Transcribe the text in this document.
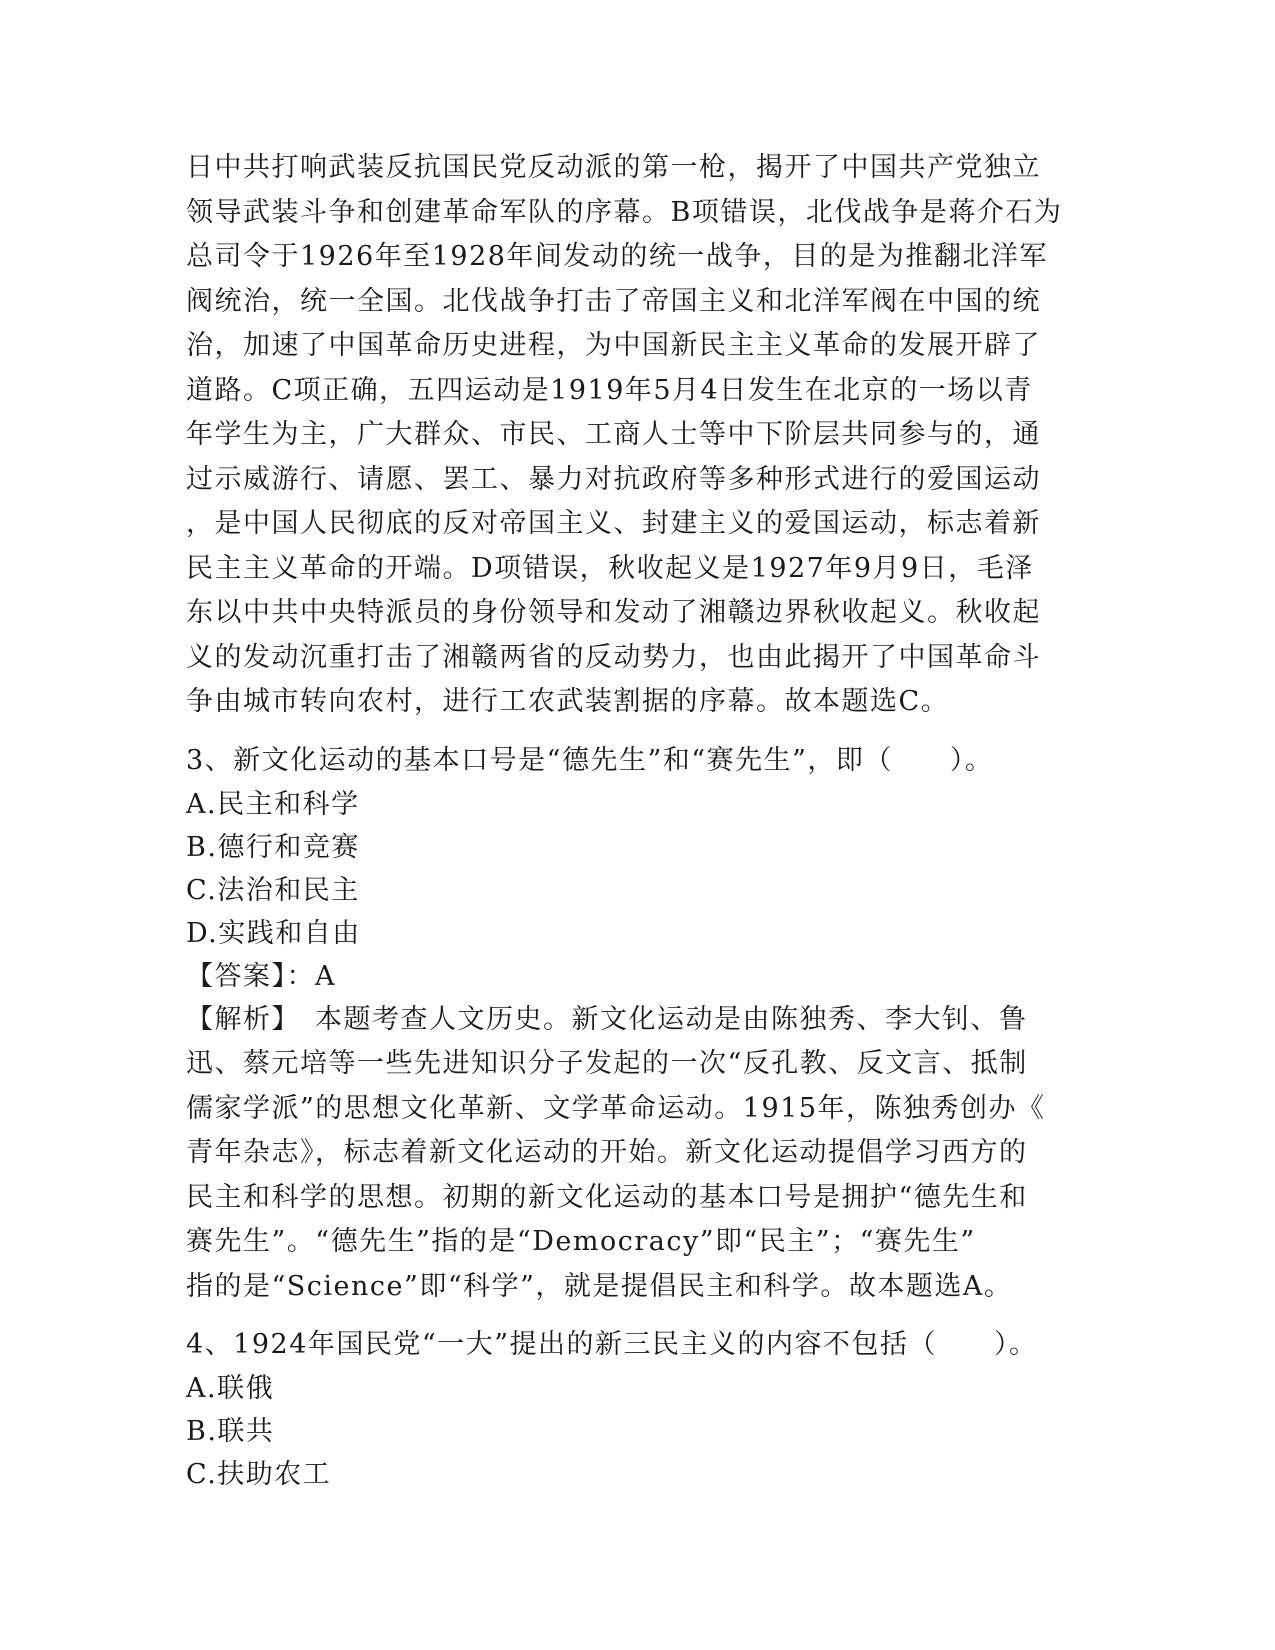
日中共打响武装反抗国民党反动派的第一枪，揭开了中国共产党独立
领导武装斗争和创建革命军队的序幕。B项错误，北伐战争是蒋介石为
总司令于1926年至1928年间发动的统一战争，目的是为推翻北洋军
阀统治，统一全国。北伐战争打击了帝国主义和北洋军阀在中国的统
治，加速了中国革命历史进程，为中国新民主主义革命的发展开辟了
道路。C项正确，五四运动是1919年5月4日发生在北京的一场以青
年学生为主，广大群众、市民、工商人士等中下阶层共同参与的，通
过示威游行、请愿、罢工、暴力对抗政府等多种形式进行的爱国运动
，是中国人民彻底的反对帝国主义、封建主义的爱国运动，标志着新
民主主义革命的开端。D项错误，秋收起义是1927年9月9日，毛泽
东以中共中央特派员的身份领导和发动了湘赣边界秋收起义。秋收起
义的发动沉重打击了湘赣两省的反动势力，也由此揭开了中国革命斗
争由城市转向农村，进行工农武装割据的序幕。故本题选C。

3、新文化运动的基本口号是“德先生”和“赛先生”，即（　　）。

A.民主和科学

B.德行和竞赛

C.法治和民主

D.实践和自由

【答案】：A

【解析】　本题考查人文历史。新文化运动是由陈独秀、李大钊、鲁
迅、蔡元培等一些先进知识分子发起的一次“反孔教、反文言、抵制
儒家学派”的思想文化革新、文学革命运动。1915年，陈独秀创办《
青年杂志》，标志着新文化运动的开始。新文化运动提倡学习西方的
民主和科学的思想。初期的新文化运动的基本口号是拥护“德先生和
赛先生”。“德先生”指的是“Democracy”即“民主”；“赛先生”
指的是“Science”即“科学”，就是提倡民主和科学。故本题选A。

4、1924年国民党“一大”提出的新三民主义的内容不包括（　　）。

A.联俄

B.联共

C.扶助农工
